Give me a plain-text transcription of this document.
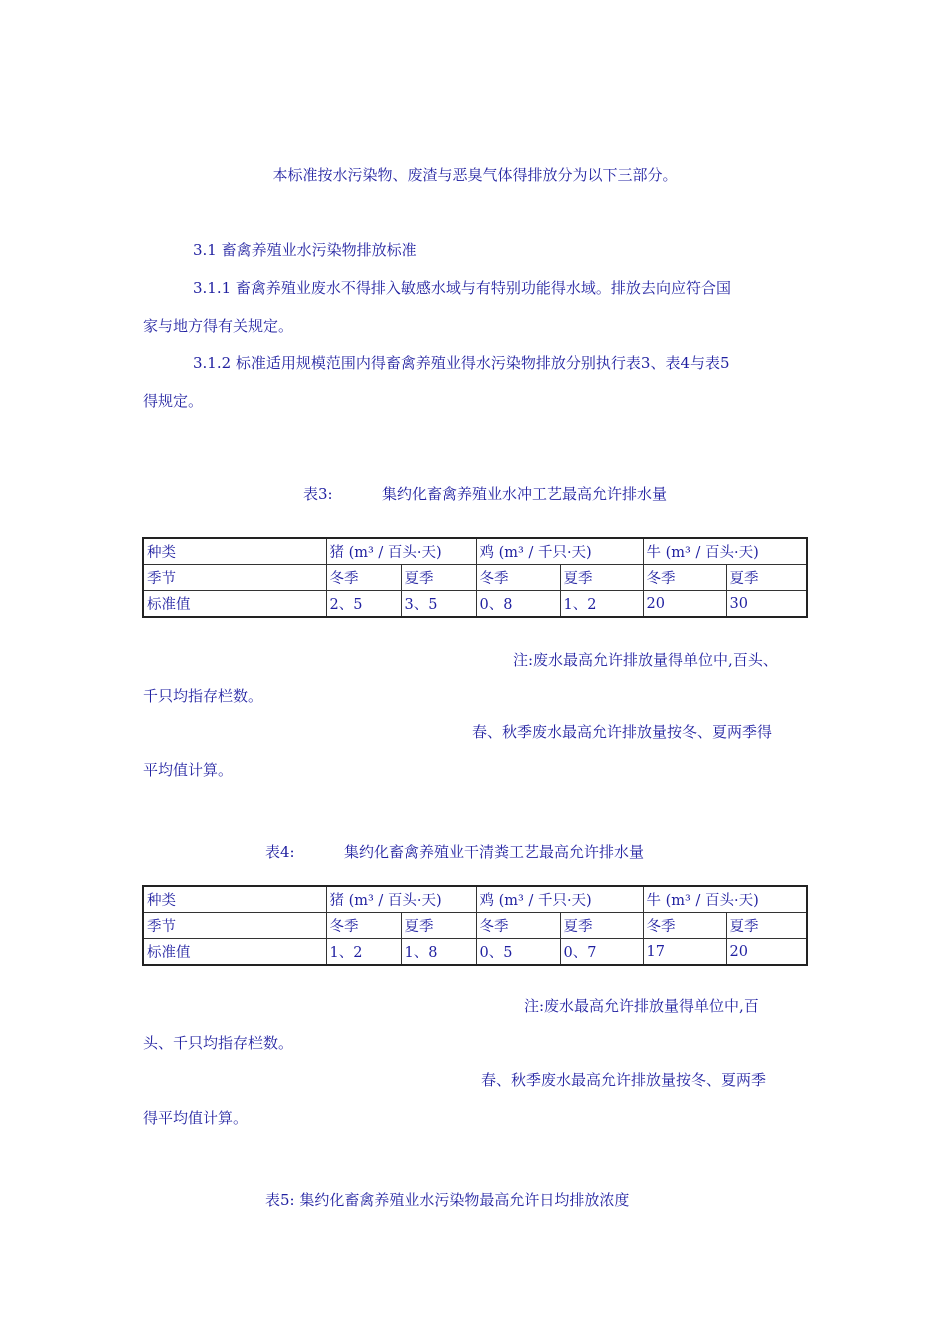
本标准按水污染物、废渣与恶臭气体得排放分为以下三部分。
3.1 畜禽养殖业水污染物排放标准
3.1.1 畜禽养殖业废水不得排入敏感水域与有特别功能得水域。排放去向应符合国
家与地方得有关规定。
3.1.2 标准适用规模范围内得畜禽养殖业得水污染物排放分别执行表3、表4与表5
得规定。
表3:	集约化畜禽养殖业水冲工艺最高允许排水量
种类	猪 (m³ / 百头·天)		鸡 (m³ / 千只·天)		牛 (m³ / 百头·天)	
季节	冬季	夏季	冬季	夏季	冬季	夏季
标准值	2、5	3、5	0、8	1、2	20	30
注:废水最高允许排放量得单位中,百头、
千只均指存栏数。
春、秋季废水最高允许排放量按冬、夏两季得
平均值计算。
表4:	集约化畜禽养殖业干清粪工艺最高允许排水量
种类	猪 (m³ / 百头·天)		鸡 (m³ / 千只·天)		牛 (m³ / 百头·天)	
季节	冬季	夏季	冬季	夏季	冬季	夏季
标准值	1、2	1、8	0、5	0、7	17	20
注:废水最高允许排放量得单位中,百
头、千只均指存栏数。
春、秋季废水最高允许排放量按冬、夏两季
得平均值计算。
表5: 集约化畜禽养殖业水污染物最高允许日均排放浓度
